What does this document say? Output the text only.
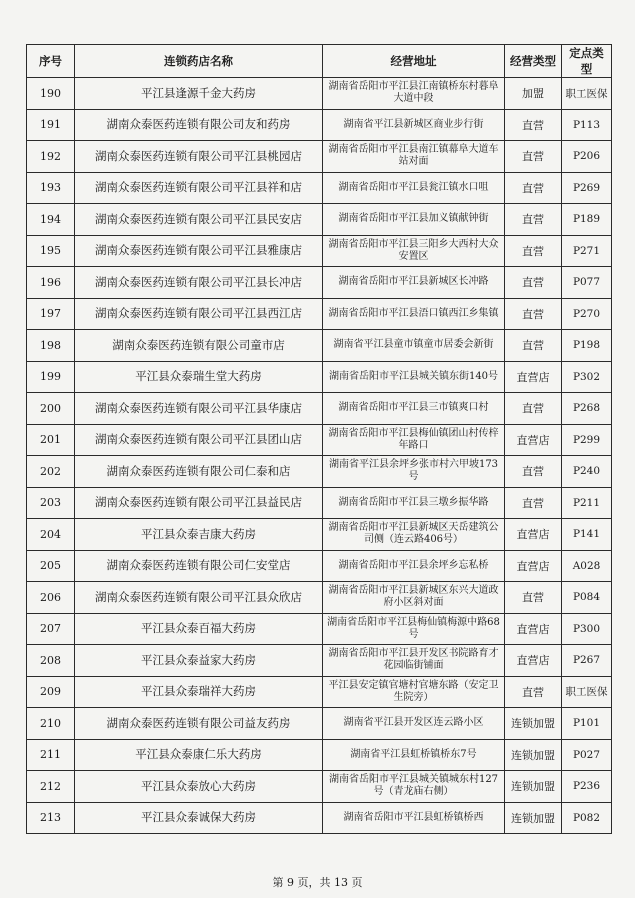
序号	连锁药店名称	经营地址	经营类型	定点类型
190	平江县逢源千金大药房	湖南省岳阳市平江县江南镇桥东村暮阜大道中段	加盟	职工医保
191	湖南众泰医药连锁有限公司友和药房	湖南省平江县新城区商业步行街	直营	P113
192	湖南众泰医药连锁有限公司平江县桃园店	湖南省岳阳市平江县南江镇幕阜大道车站对面	直营	P206
193	湖南众泰医药连锁有限公司平江县祥和店	湖南省岳阳市平江县瓮江镇水口咀	直营	P269
194	湖南众泰医药连锁有限公司平江县民安店	湖南省岳阳市平江县加义镇献钟街	直营	P189
195	湖南众泰医药连锁有限公司平江县雅康店	湖南省岳阳市平江县三阳乡大西村大众安置区	直营	P271
196	湖南众泰医药连锁有限公司平江县长冲店	湖南省岳阳市平江县新城区长冲路	直营	P077
197	湖南众泰医药连锁有限公司平江县西江店	湖南省岳阳市平江县浯口镇西江乡集镇	直营	P270
198	湖南众泰医药连锁有限公司童市店	湖南省平江县童市镇童市居委会新街	直营	P198
199	平江县众泰瑞生堂大药房	湖南省岳阳市平江县城关镇东街140号	直营店	P302
200	湖南众泰医药连锁有限公司平江县华康店	湖南省岳阳市平江县三市镇爽口村	直营	P268
201	湖南众泰医药连锁有限公司平江县团山店	湖南省岳阳市平江县梅仙镇团山村传梓年路口	直营店	P299
202	湖南众泰医药连锁有限公司仁泰和店	湖南省平江县余坪乡张市村六甲坡173号	直营	P240
203	湖南众泰医药连锁有限公司平江县益民店	湖南省岳阳市平江县三墩乡振华路	直营	P211
204	平江县众泰吉康大药房	湖南省岳阳市平江县新城区天岳建筑公司侧（连云路406号）	直营店	P141
205	湖南众泰医药连锁有限公司仁安堂店	湖南省岳阳市平江县余坪乡忘私桥	直营店	A028
206	湖南众泰医药连锁有限公司平江县众欣店	湖南省岳阳市平江县新城区东兴大道政府小区斜对面	直营	P084
207	平江县众泰百福大药房	湖南省岳阳市平江县梅仙镇梅源中路68号	直营店	P300
208	平江县众泰益家大药房	湖南省岳阳市平江县开发区书院路育才花园临街铺面	直营店	P267
209	平江县众泰瑞祥大药房	平江县安定镇官塘村官塘东路（安定卫生院旁）	直营	职工医保
210	湖南众泰医药连锁有限公司益友药房	湖南省平江县开发区连云路小区	连锁加盟	P101
211	平江县众泰康仁乐大药房	湖南省平江县虹桥镇桥东7号	连锁加盟	P027
212	平江县众泰放心大药房	湖南省岳阳市平江县城关镇城东村127号（青龙庙右侧）	连锁加盟	P236
213	平江县众泰诚保大药房	湖南省岳阳市平江县虹桥镇桥西	连锁加盟	P082
第 9 页，共 13 页
